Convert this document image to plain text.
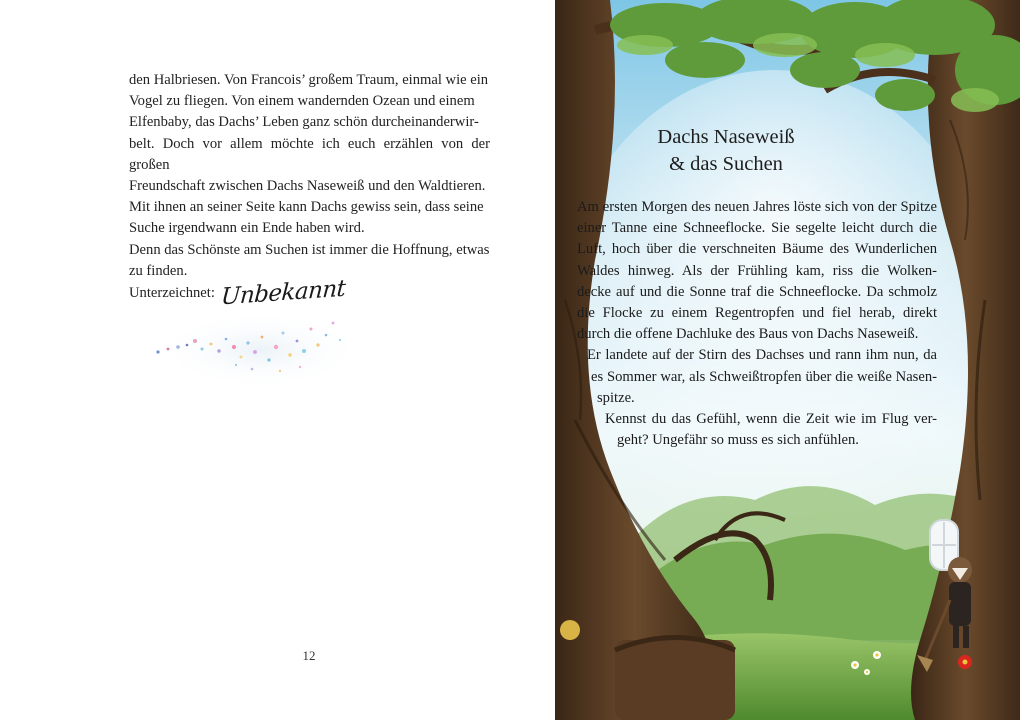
den Halbriesen. Von Francois’ großem Traum, einmal wie ein

Vogel zu fliegen. Von einem wandernden Ozean und einem

Elfenbaby, das Dachs’ Leben ganz schön durcheinanderwir-

belt. Doch vor allem möchte ich euch erzählen von der großen

Freundschaft zwischen Dachs Naseweiß und den Waldtieren.

Mit ihnen an seiner Seite kann Dachs gewiss sein, dass seine

Suche irgendwann ein Ende haben wird.

Denn das Schönste am Suchen ist immer die Hoffnung, etwas

zu finden.

Unterzeichnet: Unbekannt
12
Dachs Naseweiß
& das Suchen
Am ersten Morgen des neuen Jahres löste sich von der Spitze
einer Tanne eine Schneeflocke. Sie segelte leicht durch die
Luft, hoch über die verschneiten Bäume des Wunderlichen
Waldes hinweg. Als der Frühling kam, riss die Wolken-
decke auf und die Sonne traf die Schneeflocke. Da schmolz
die Flocke zu einem Regentropfen und fiel herab, direkt
durch die offene Dachluke des Baus von Dachs Naseweiß.
Er landete auf der Stirn des Dachses und rann ihm nun, da
es Sommer war, als Schweißtropfen über die weiße Nasen-
spitze.
Kennst du das Gefühl, wenn die Zeit wie im Flug ver-
geht? Ungefähr so muss es sich anfühlen.
